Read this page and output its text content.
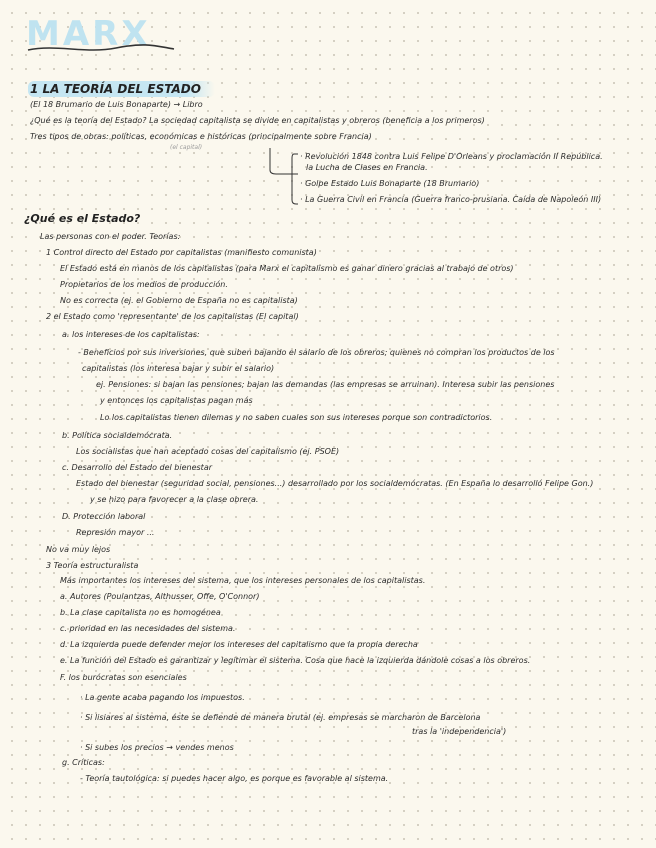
MARX
1 LA TEORÍA DEL ESTADO
(El 18 Brumario de Luis Bonaparte) → Libro
¿Qué es la teoría del Estado? La sociedad capitalista se divide en capitalistas y obreros (beneficia a los primeros)
Tres tipos de obras: políticas, económicas e históricas (principalmente sobre Francia)
(el capital)
· Revolución 1848 contra Luis Felipe D'Orleans y proclamación II República.
la Lucha de Clases en Francia.
· Golpe Estado Luis Bonaparte (18 Brumario)
· La Guerra Civil en Francia (Guerra franco-prusiana. Caída de Napoleón III)
¿Qué es el Estado?
Las personas con el poder. Teorías:
1 Control directo del Estado por capitalistas (manifiesto comunista)
El Estado está en manos de los capitalistas (para Marx el capitalismo es ganar dinero gracias al trabajo de otros)
Propietarios de los medios de producción.
No es correcta (ej. el Gobierno de España no es capitalista)
2 el Estado como 'representante' de los capitalistas (El capital)
a. los intereses de los capitalistas:
- Beneficios por sus inversiones, que suben bajando el salario de los obreros; quienes no compran los productos de los
capitalistas (los interesa bajar y subir el salario)
ej. Pensiones: si bajan las pensiones; bajan las demandas (las empresas se arruinan). Interesa subir las pensiones
y entonces los capitalistas pagan más
Lo los capitalistas tienen dilemas y no saben cuales son sus intereses porque son contradictorios.
b. Política socialdemócrata.
Los socialistas que han aceptado cosas del capitalismo (ej. PSOE)
c. Desarrollo del Estado del bienestar
Estado del bienestar (seguridad social, pensiones...) desarrollado por los socialdemócratas. (En España lo desarrolló Felipe Gon.)
y se hizo para favorecer a la clase obrera.
D. Protección laboral
Represión mayor ...
No va muy lejos
3 Teoría estructuralista
Más importantes los intereses del sistema, que los intereses personales de los capitalistas.
a. Autores (Poulantzas, Althusser, Offe, O'Connor)
b. La clase capitalista no es homogénea
c. prioridad en las necesidades del sistema.
d. La izquierda puede defender mejor los intereses del capitalismo que la propia derecha
e. La función del Estado es garantizar y legitimar el sistema. Cosa que hace la izquierda dándole cosas a los obreros.
F. los burócratas son esenciales
· La gente acaba pagando los impuestos.
· Si lisiares al sistema, éste se defiende de manera brutal (ej. empresas se marcharon de Barcelona
tras la 'independencia')
· Si subes los precios → vendes menos
g. Críticas:
- Teoría tautológica: si puedes hacer algo, es porque es favorable al sistema.
